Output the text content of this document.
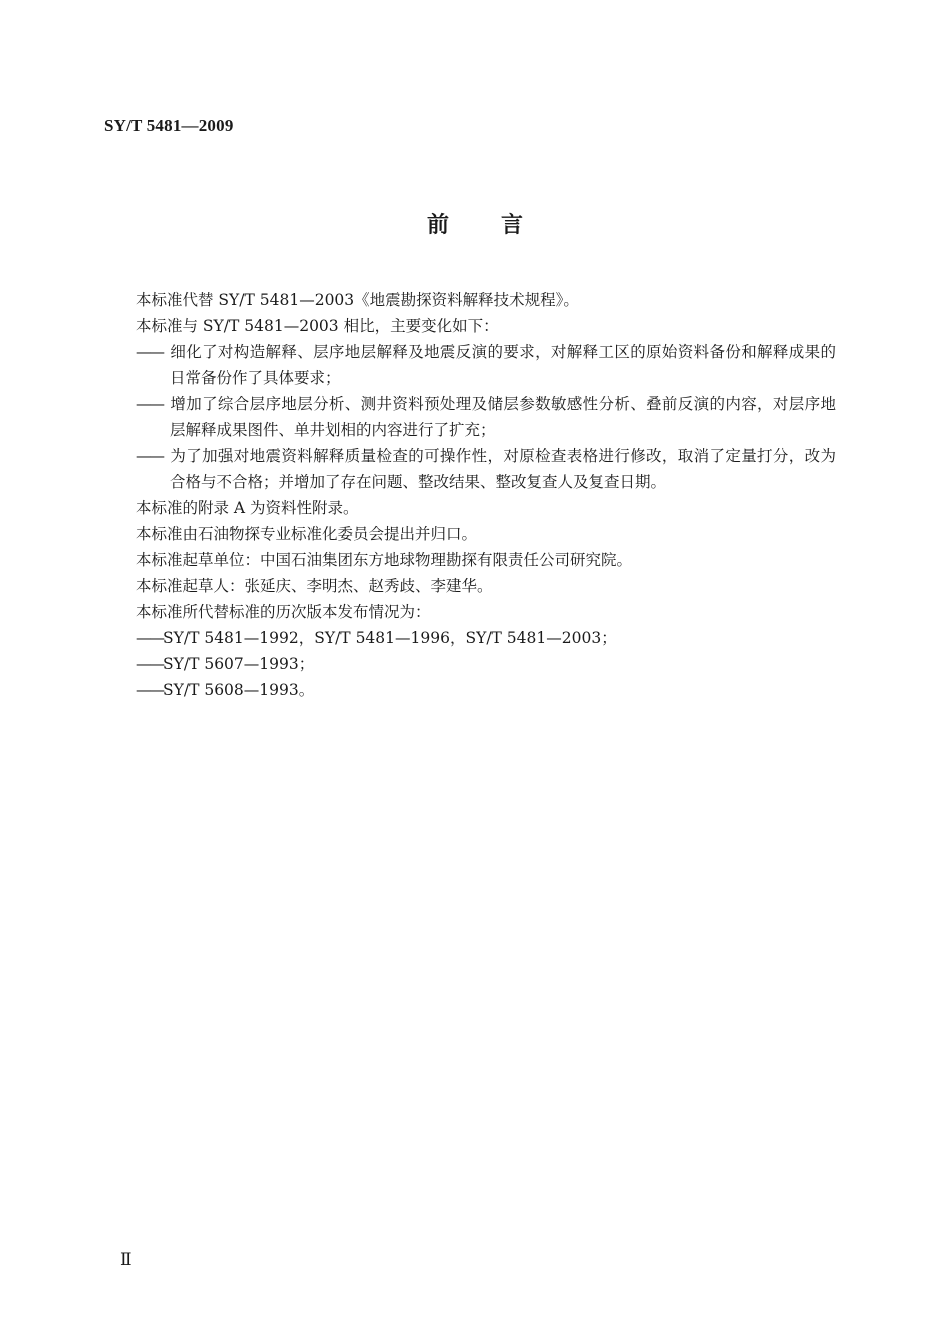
SY/T 5481—2009
前言

本标准代替 SY/T 5481—2003《地震勘探资料解释技术规程》。

本标准与 SY/T 5481—2003 相比，主要变化如下：

—— 细化了对构造解释、层序地层解释及地震反演的要求，对解释工区的原始资料备份和解释成果的日常备份作了具体要求；

—— 增加了综合层序地层分析、测井资料预处理及储层参数敏感性分析、叠前反演的内容，对层序地层解释成果图件、单井划相的内容进行了扩充；

—— 为了加强对地震资料解释质量检查的可操作性，对原检查表格进行修改，取消了定量打分，改为合格与不合格；并增加了存在问题、整改结果、整改复查人及复查日期。

本标准的附录 A 为资料性附录。

本标准由石油物探专业标准化委员会提出并归口。

本标准起草单位：中国石油集团东方地球物理勘探有限责任公司研究院。

本标准起草人：张延庆、李明杰、赵秀歧、李建华。

本标准所代替标准的历次版本发布情况为：

——SY/T 5481—1992，SY/T 5481—1996，SY/T 5481—2003；

——SY/T 5607—1993；

——SY/T 5608—1993。

Ⅱ
